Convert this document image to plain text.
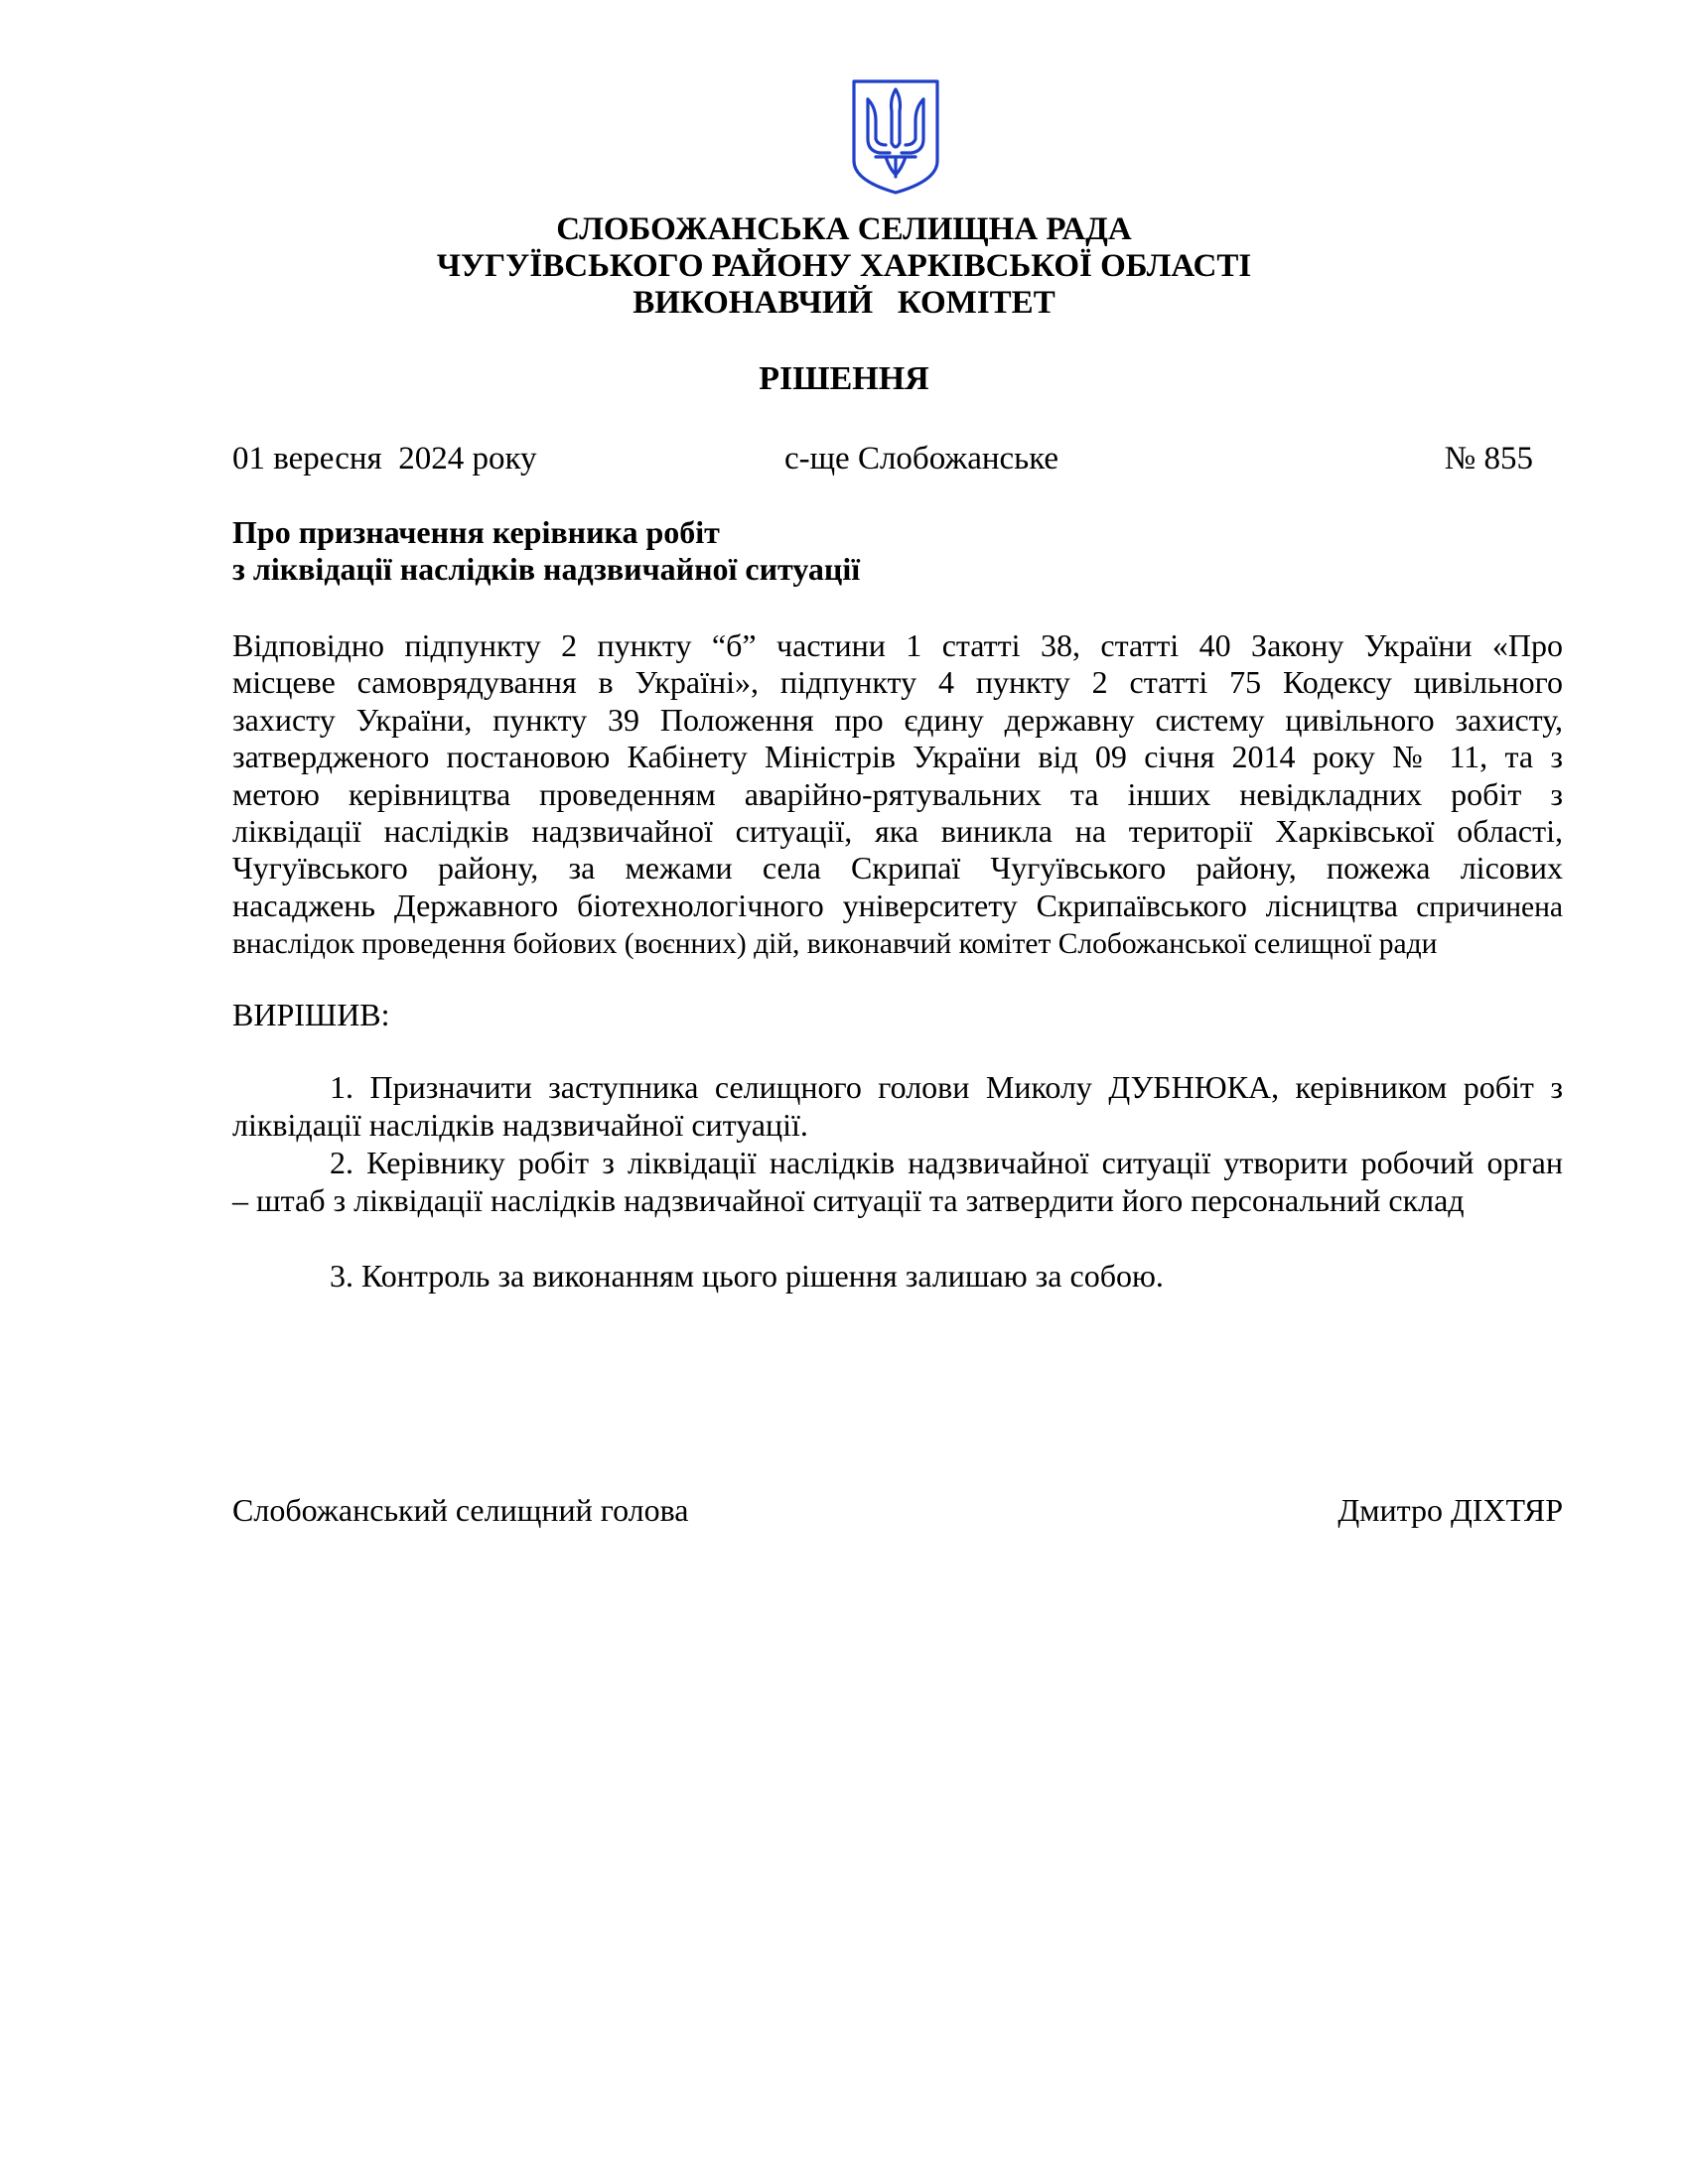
СЛОБОЖАНСЬКА СЕЛИЩНА РАДА
ЧУГУЇВСЬКОГО РАЙОНУ ХАРКІВСЬКОЇ ОБЛАСТІ
ВИКОНАВЧИЙ   КОМІТЕТ
РІШЕННЯ
01 вересня  2024 року	с-ще Слобожанське	№ 855
Про призначення керівника робіт
з ліквідації наслідків надзвичайної ситуації
Відповідно підпункту 2 пункту “б” частини 1 статті 38, статті 40 Закону України «Про
місцеве самоврядування в Україні», підпункту 4 пункту 2 статті 75 Кодексу цивільного
захисту України, пункту 39 Положення про єдину державну систему цивільного захисту,
затвердженого постановою Кабінету Міністрів України від 09 січня 2014 року № 11, та з
метою керівництва проведенням аварійно-рятувальних та інших невідкладних робіт з
ліквідації наслідків надзвичайної ситуації, яка виникла на території Харківської області,
Чугуївського району, за межами села Скрипаї Чугуївського району, пожежа лісових
насаджень Державного біотехнологічного університету Скрипаївського лісництва спричинена
внаслідок проведення бойових (воєнних) дій, виконавчий комітет Слобожанської селищної ради
ВИРІШИВ:
1. Призначити заступника селищного голови Миколу ДУБНЮКА, керівником робіт з
ліквідації наслідків надзвичайної ситуації.
2. Керівнику робіт з ліквідації наслідків надзвичайної ситуації утворити робочий орган
– штаб з ліквідації наслідків надзвичайної ситуації та затвердити його персональний склад
3. Контроль за виконанням цього рішення залишаю за собою.
Слобожанський селищний голова	Дмитро ДІХТЯР
